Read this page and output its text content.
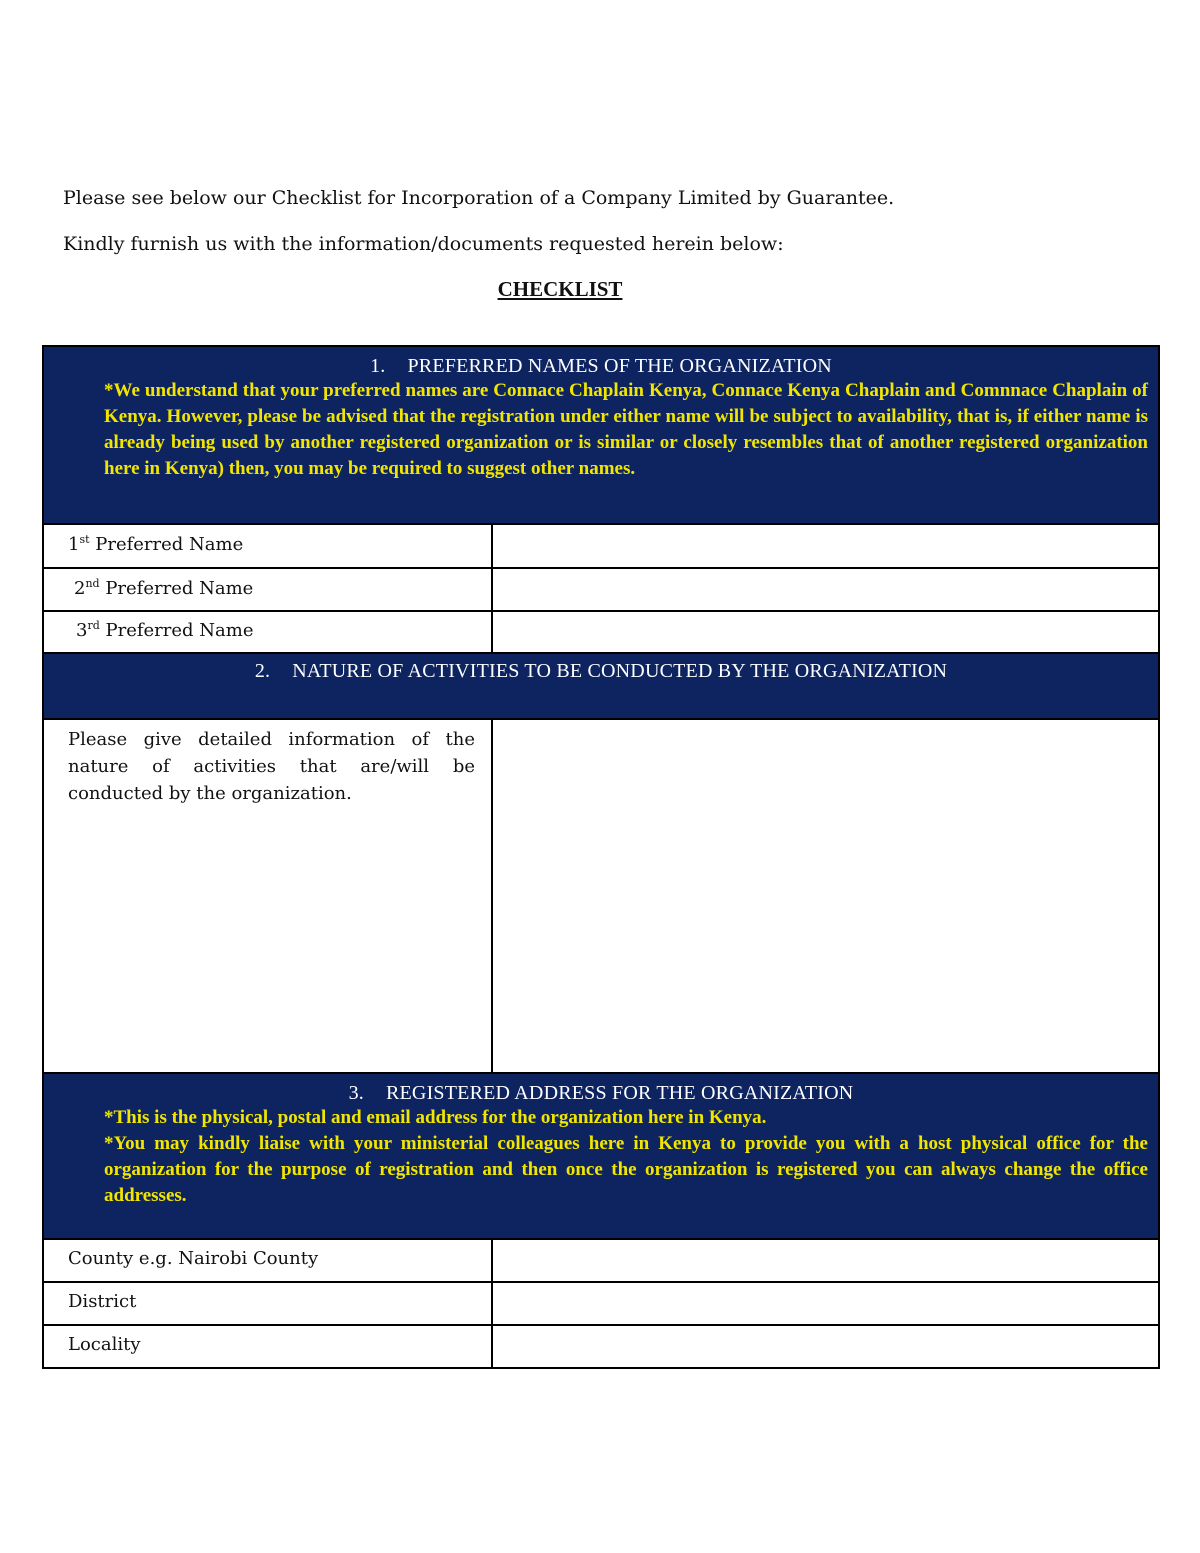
Please see below our Checklist for Incorporation of a Company Limited by Guarantee.
Kindly furnish us with the information/documents requested herein below:
CHECKLIST
1. PREFERRED NAMES OF THE ORGANIZATION
*We understand that your preferred names are Connace Chaplain Kenya, Connace Kenya Chaplain and Comnnace Chaplain of Kenya. However, please be advised that the registration under either name will be subject to availability, that is, if either name is already being used by another registered organization or is similar or closely resembles that of another registered organization here in Kenya) then, you may be required to suggest other names.	

1st Preferred Name	

2nd Preferred Name	

3rd Preferred Name	

2. NATURE OF ACTIVITIES TO BE CONDUCTED BY THE ORGANIZATION	

Please give detailed information of the nature of activities that are/will be conducted by the organization.	

3. REGISTERED ADDRESS FOR THE ORGANIZATION
*This is the physical, postal and email address for the organization here in Kenya.
*You may kindly liaise with your ministerial colleagues here in Kenya to provide you with a host physical office for the organization for the purpose of registration and then once the organization is registered you can always change the office addresses.	

County e.g. Nairobi County	

District	

Locality	
